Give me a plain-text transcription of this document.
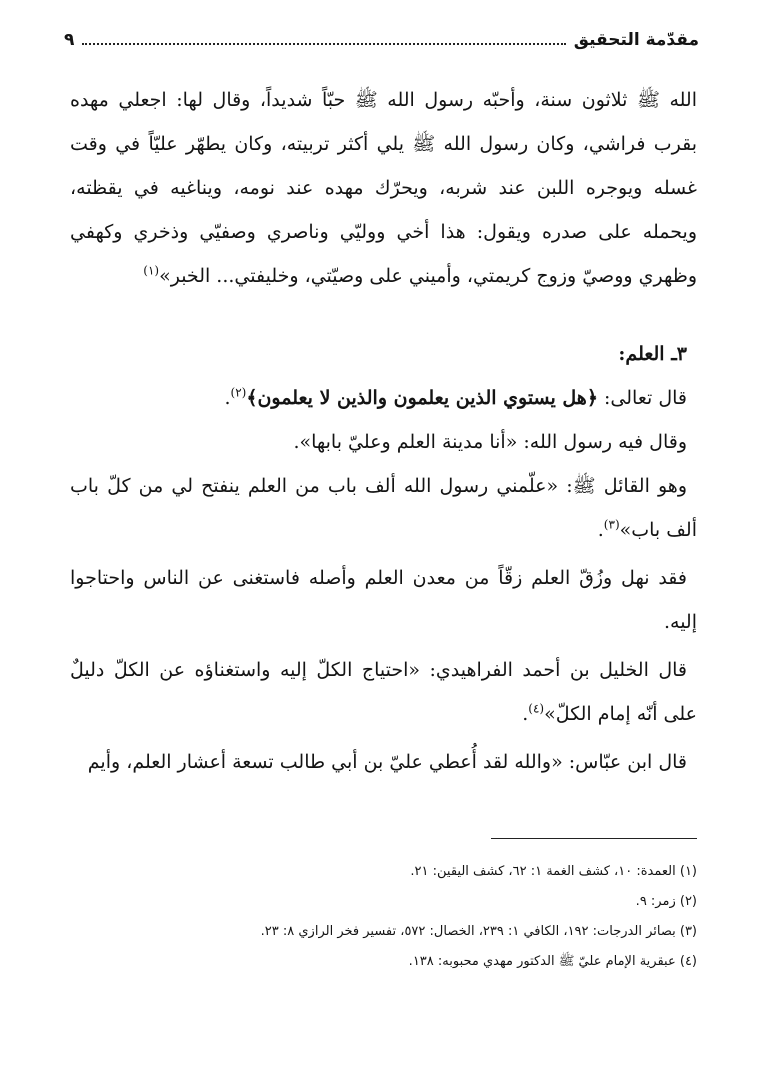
مقدّمة التحقيق
٩

الله ﷺ ثلاثون سنة، وأحبّه رسول الله ﷺ حبّاً شديداً، وقال لها: اجعلي مهده بقرب فراشي، وكان رسول الله ﷺ يلي أكثر تربيته، وكان يطهّر عليّاً في وقت غسله ويوجره اللبن عند شربه، ويحرّك مهده عند نومه، ويناغيه في يقظته، ويحمله على صدره ويقول: هذا أخي ووليّي وناصري وصفيّي وذخري وكهفي وظهري ووصيّ وزوج كريمتي، وأميني على وصيّتي، وخليفتي... الخبر»$^{(١)}$

٣ـ العلم:

قال تعالى: ﴿هل يستوي الذين يعلمون والذين لا يعلمون﴾$^{(٢)}$.

وقال فيه رسول الله: «أنا مدينة العلم وعليّ بابها».

وهو القائل ﷺ: «علّمني رسول الله ألف باب من العلم ينفتح لي من كلّ باب ألف باب»$^{(٣)}$.

فقد نهل وزُقّ العلم زقّاً من معدن العلم وأصله فاستغنى عن الناس واحتاجوا إليه.

قال الخليل بن أحمد الفراهيدي: «احتياج الكلّ إليه واستغناؤه عن الكلّ دليلٌ على أنّه إمام الكلّ»$^{(٤)}$.

قال ابن عبّاس: «والله لقد أُعطي عليّ بن أبي طالب تسعة أعشار العلم، وأيم

(١) العمدة: ١٠، كشف الغمة ١: ٦٢، كشف اليقين: ٢١.

(٢) زمر: ٩.

(٣) بصائر الدرجات: ١٩٢، الكافي ١: ٢٣٩، الخصال: ٥٧٢، تفسير فخر الرازي ٨: ٢٣.

(٤) عبقرية الإمام عليّ ﷺ الدكتور مهدي محبوبه: ١٣٨.
